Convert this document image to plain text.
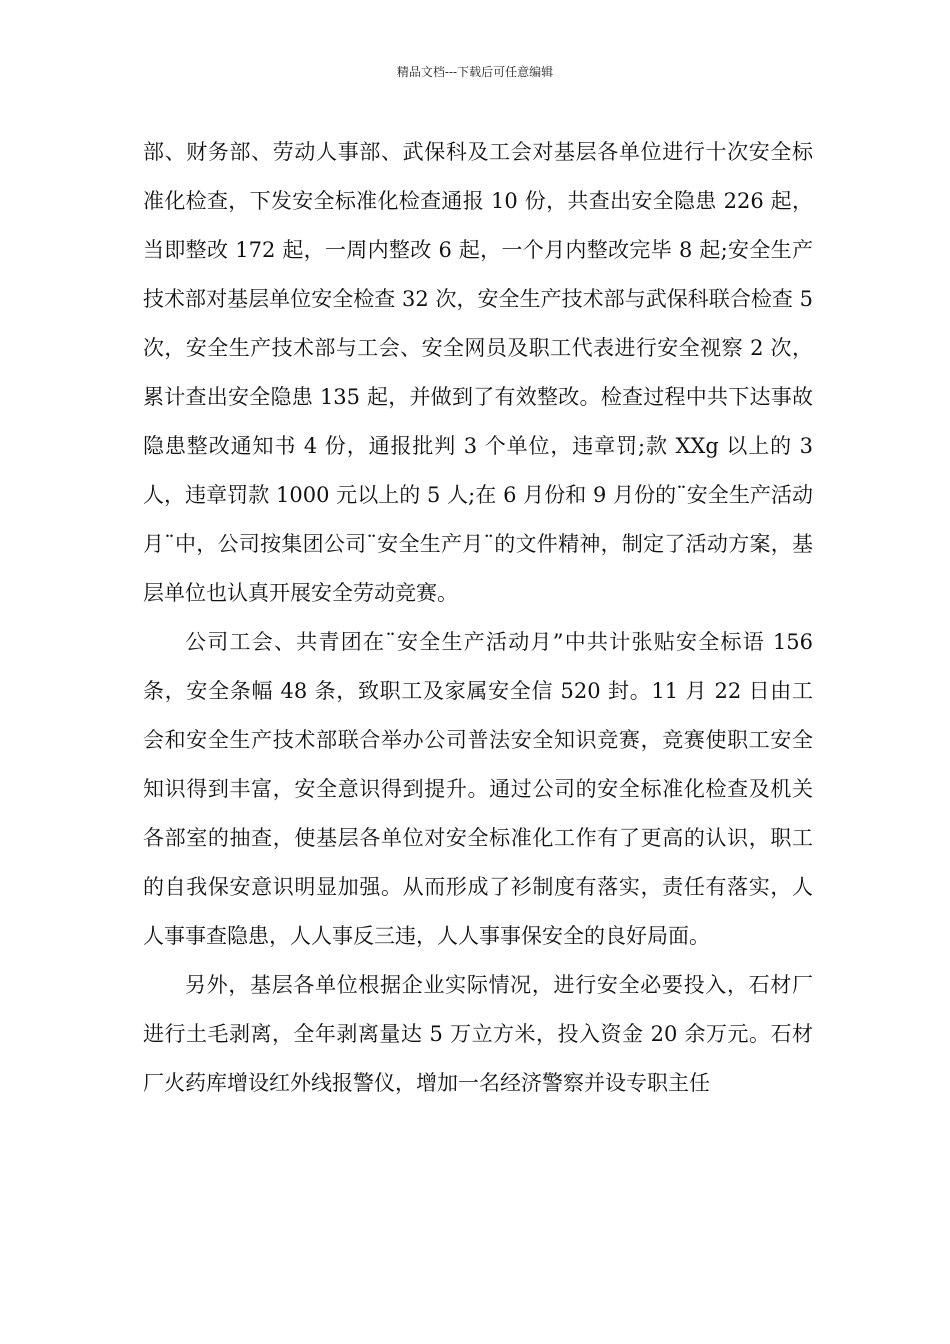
精品文档---下载后可任意编辑

部、财务部、劳动人事部、武保科及工会对基层各单位进行十次安全标准化检查，下发安全标准化检查通报 10 份，共查出安全隐患 226 起，当即整改 172 起，一周内整改 6 起，一个月内整改完毕 8 起;安全生产技术部对基层单位安全检查 32 次，安全生产技术部与武保科联合检查 5 次，安全生产技术部与工会、安全网员及职工代表进行安全视察 2 次，累计查出安全隐患 135 起，并做到了有效整改。检查过程中共下达事故隐患整改通知书 4 份，通报批判 3 个单位，违章罚;款 XXg 以上的 3 人，违章罚款 1000 元以上的 5 人;在 6 月份和 9 月份的¨安全生产活动月¨中，公司按集团公司¨安全生产月¨的文件精神，制定了活动方案，基层单位也认真开展安全劳动竞赛。

公司工会、共青团在¨安全生产活动月”中共计张贴安全标语 156 条，安全条幅 48 条，致职工及家属安全信 520 封。11 月 22 日由工会和安全生产技术部联合举办公司普法安全知识竞赛，竞赛使职工安全知识得到丰富，安全意识得到提升。通过公司的安全标准化检查及机关各部室的抽查，使基层各单位对安全标准化工作有了更高的认识，职工的自我保安意识明显加强。从而形成了衫制度有落实，责任有落实，人人事事查隐患，人人事反三违，人人事事保安全的良好局面。

另外，基层各单位根据企业实际情况，进行安全必要投入，石材厂进行土毛剥离，全年剥离量达 5 万立方米，投入资金 20 余万元。石材厂火药库增设红外线报警仪，增加一名经济警察并设专职主任
